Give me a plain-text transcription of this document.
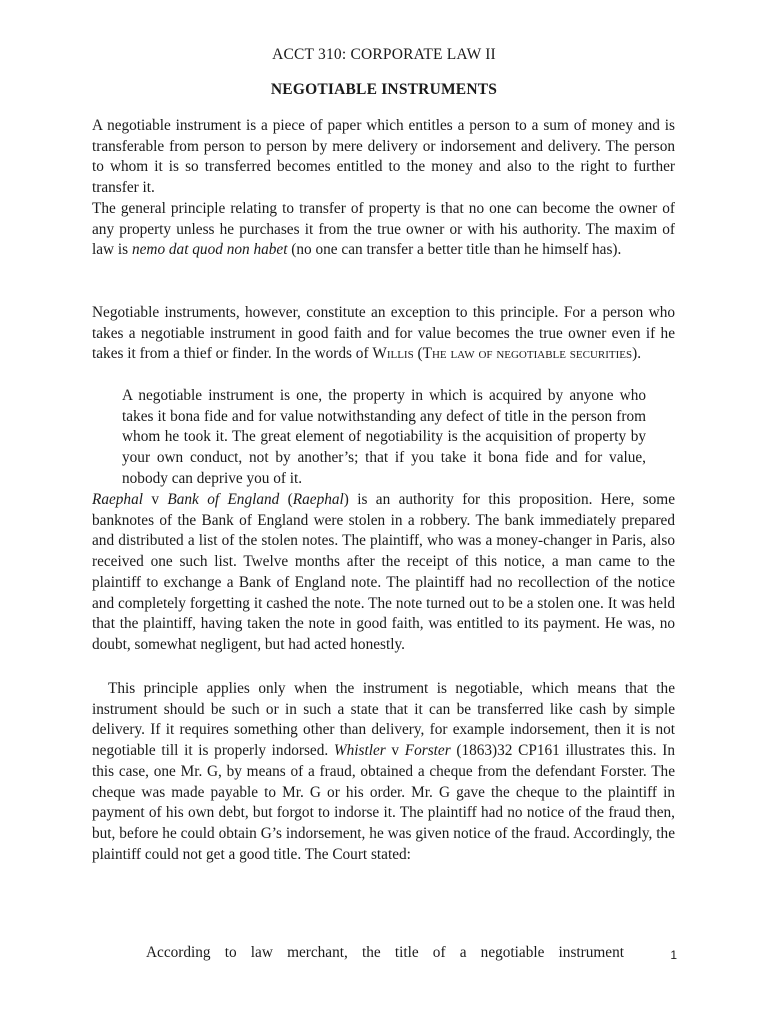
ACCT 310: CORPORATE LAW II
NEGOTIABLE INSTRUMENTS

A negotiable instrument is a piece of paper which entitles a person to a sum of money and is transferable from person to person by mere delivery or indorsement and delivery. The person to whom it is so transferred becomes entitled to the money and also to the right to further transfer it.

The general principle relating to transfer of property is that no one can become the owner of any property unless he purchases it from the true owner or with his authority. The maxim of law is nemo dat quod non habet (no one can transfer a better title than he himself has).

Negotiable instruments, however, constitute an exception to this principle. For a person who takes a negotiable instrument in good faith and for value becomes the true owner even if he takes it from a thief or finder. In the words of Willis (The law of negotiable securities).

A negotiable instrument is one, the property in which is acquired by anyone who takes it bona fide and for value notwithstanding any defect of title in the person from whom he took it. The great element of negotiability is the acquisition of property by your own conduct, not by another’s; that if you take it bona fide and for value, nobody can deprive you of it.

Raephal v Bank of England (Raephal) is an authority for this proposition. Here, some banknotes of the Bank of England were stolen in a robbery. The bank immediately prepared and distributed a list of the stolen notes. The plaintiff, who was a money-changer in Paris, also received one such list. Twelve months after the receipt of this notice, a man came to the plaintiff to exchange a Bank of England note. The plaintiff had no recollection of the notice and completely forgetting it cashed the note. The note turned out to be a stolen one. It was held that the plaintiff, having taken the note in good faith, was entitled to its payment. He was, no doubt, somewhat negligent, but had acted honestly.

This principle applies only when the instrument is negotiable, which means that the instrument should be such or in such a state that it can be transferred like cash by simple delivery. If it requires something other than delivery, for example indorsement, then it is not negotiable till it is properly indorsed. Whistler v Forster (1863)32 CP161 illustrates this. In this case, one Mr. G, by means of a fraud, obtained a cheque from the defendant Forster. The cheque was made payable to Mr. G or his order. Mr. G gave the cheque to the plaintiff in payment of his own debt, but forgot to indorse it. The plaintiff had no notice of the fraud then, but, before he could obtain G’s indorsement, he was given notice of the fraud. Accordingly, the plaintiff could not get a good title. The Court stated:

According to law merchant, the title of a negotiable instrument	1
